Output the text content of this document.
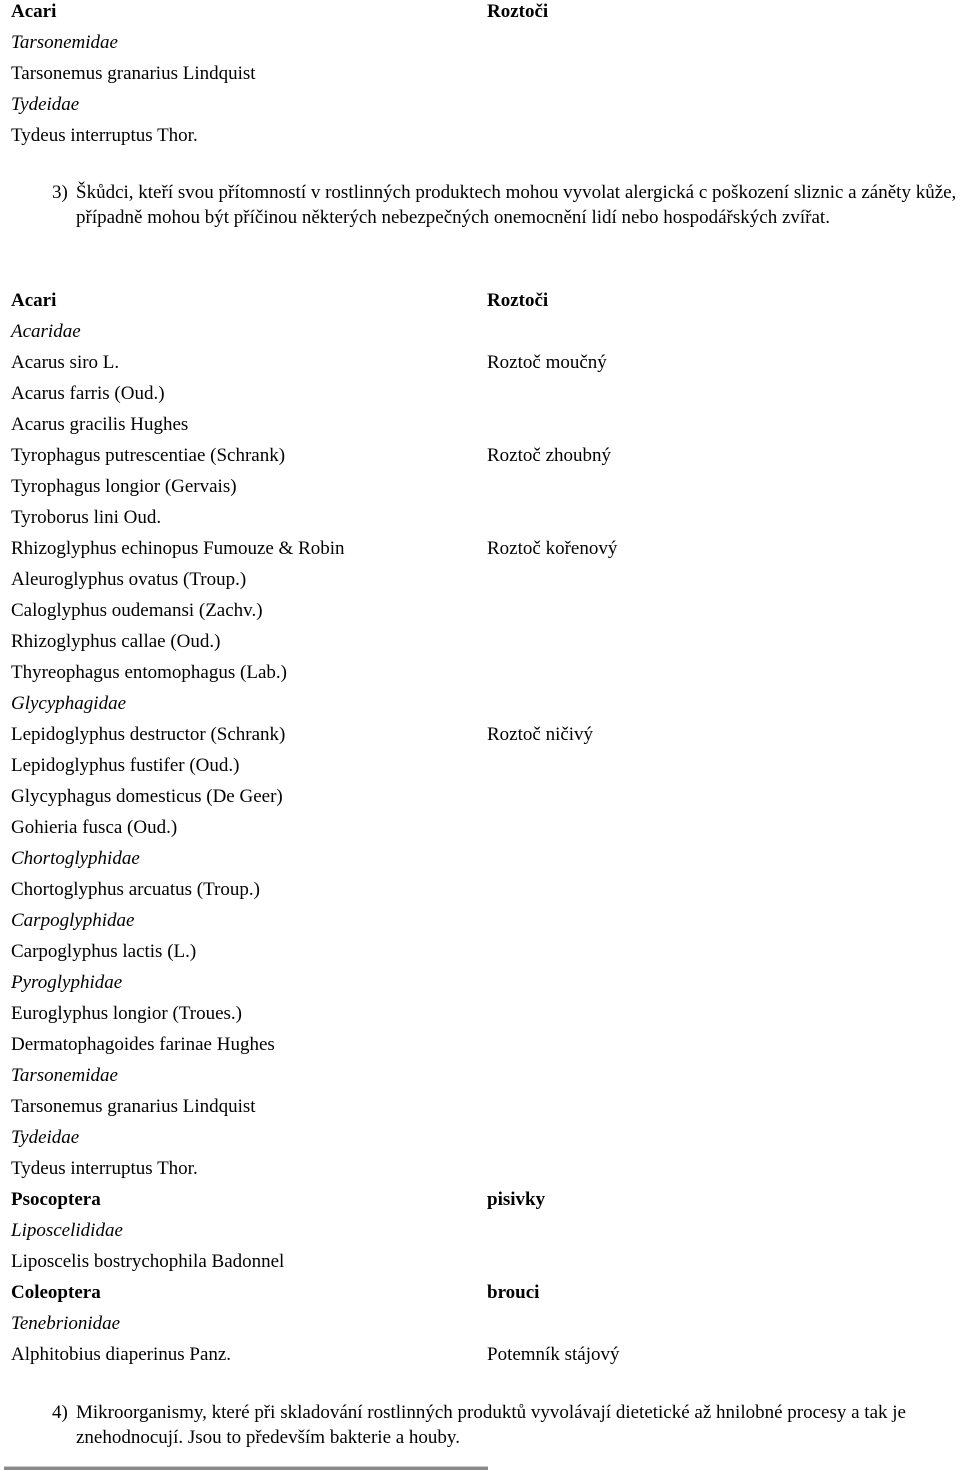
Acari	Roztoči
Tarsonemidae
Tarsonemus granarius Lindquist
Tydeidae
Tydeus interruptus Thor.
3) Škůdci, kteří svou přítomností v rostlinných produktech mohou vyvolat alergická c poškození sliznic a záněty kůže, případně mohou být příčinou některých nebezpečných onemocnění lidí nebo hospodářských zvířat.
Acari	Roztoči
Acaridae
Acarus siro L.	Roztoč moučný
Acarus farris (Oud.)
Acarus gracilis Hughes
Tyrophagus putrescentiae (Schrank)	Roztoč zhoubný
Tyrophagus longior (Gervais)
Tyroborus lini Oud.
Rhizoglyphus echinopus Fumouze & Robin	Roztoč kořenový
Aleuroglyphus ovatus (Troup.)
Caloglyphus oudemansi (Zachv.)
Rhizoglyphus callae (Oud.)
Thyreophagus entomophagus (Lab.)
Glycyphagidae
Lepidoglyphus destructor (Schrank)	Roztoč ničivý
Lepidoglyphus fustifer (Oud.)
Glycyphagus domesticus (De Geer)
Gohieria fusca (Oud.)
Chortoglyphidae
Chortoglyphus arcuatus (Troup.)
Carpoglyphidae
Carpoglyphus lactis (L.)
Pyroglyphidae
Euroglyphus longior (Troues.)
Dermatophagoides farinae Hughes
Tarsonemidae
Tarsonemus granarius Lindquist
Tydeidae
Tydeus interruptus Thor.
Psocoptera	pisivky
Liposcelididae
Liposcelis bostrychophila Badonnel
Coleoptera	brouci
Tenebrionidae
Alphitobius diaperinus Panz.	Potemník stájový
4) Mikroorganismy, které při skladování rostlinných produktů vyvolávají dietetické až hnilobné procesy a tak je znehodnocují. Jsou to především bakterie a houby.
